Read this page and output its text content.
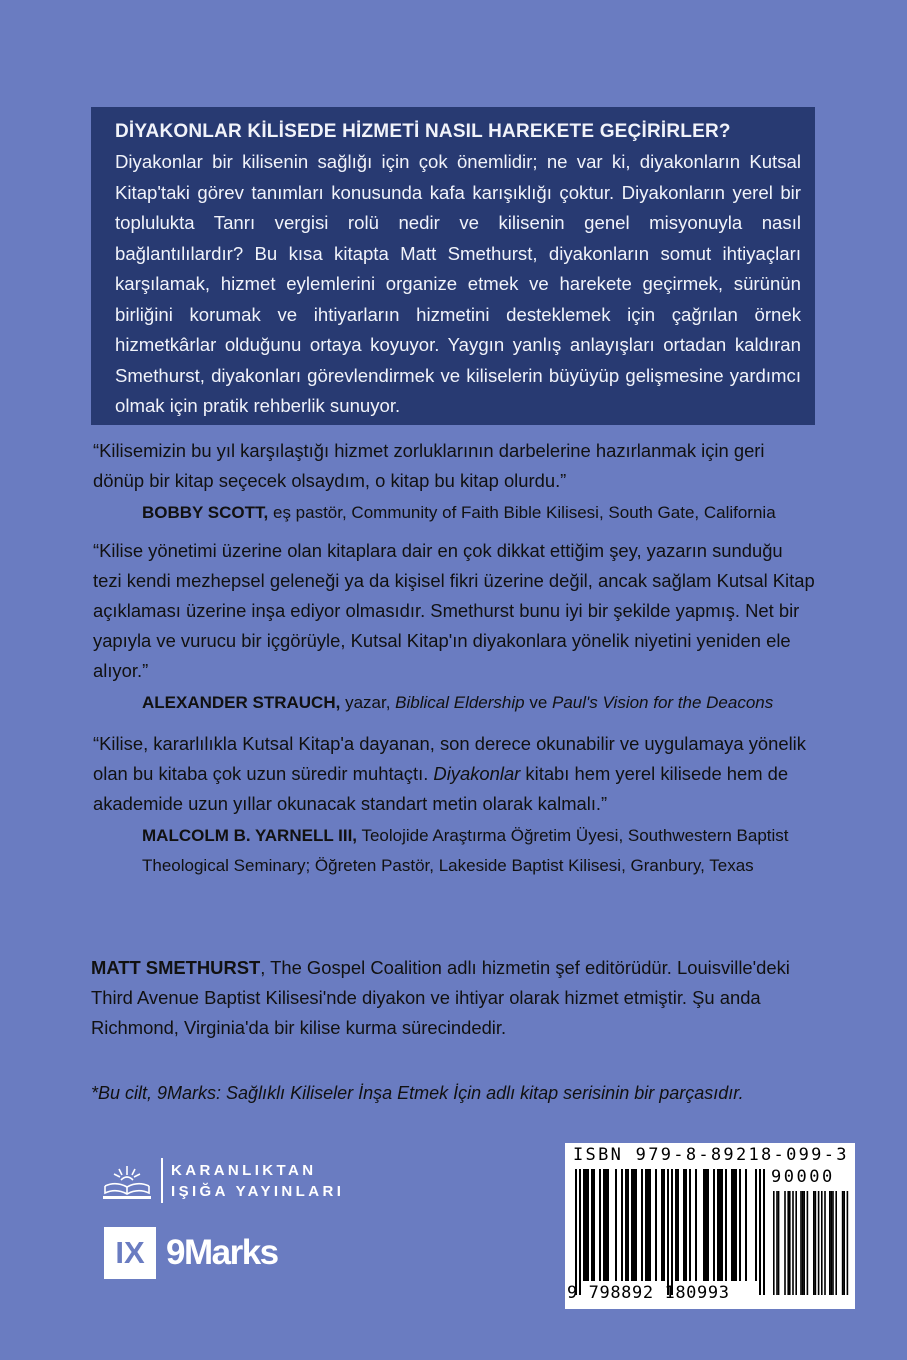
DİYAKONLAR KİLİSEDE HİZMETİ NASIL HAREKETE GEÇİRİRLER?

Diyakonlar bir kilisenin sağlığı için çok önemlidir; ne var ki, diyakonların Kutsal Kitap'taki görev tanımları konusunda kafa karışıklığı çoktur. Diyakonların yerel bir toplulukta Tanrı vergisi rolü nedir ve kilisenin genel misyonuyla nasıl bağlantılılardır? Bu kısa kitapta Matt Smethurst, diyakonların somut ihtiyaçları karşılamak, hizmet eylemlerini organize etmek ve harekete geçirmek, sürünün birliğini korumak ve ihtiyarların hizmetini desteklemek için çağrılan örnek hizmetkârlar olduğunu ortaya koyuyor. Yaygın yanlış anlayışları ortadan kaldıran Smethurst, diyakonları görevlendirmek ve kiliselerin büyüyüp gelişmesine yardımcı olmak için pratik rehberlik sunuyor.

“Kilisemizin bu yıl karşılaştığı hizmet zorluklarının darbelerine hazırlanmak için geri dönüp bir kitap seçecek olsaydım, o kitap bu kitap olurdu.”

BOBBY SCOTT, eş pastör, Community of Faith Bible Kilisesi, South Gate, California

“Kilise yönetimi üzerine olan kitaplara dair en çok dikkat ettiğim şey, yazarın sunduğu tezi kendi mezhepsel geleneği ya da kişisel fikri üzerine değil, ancak sağlam Kutsal Kitap açıklaması üzerine inşa ediyor olmasıdır. Smethurst bunu iyi bir şekilde yapmış. Net bir yapıyla ve vurucu bir içgörüyle, Kutsal Kitap'ın diyakonlara yönelik niyetini yeniden ele alıyor.”

ALEXANDER STRAUCH, yazar, Biblical Eldership ve Paul's Vision for the Deacons

“Kilise, kararlılıkla Kutsal Kitap'a dayanan, son derece okunabilir ve uygulamaya yönelik olan bu kitaba çok uzun süredir muhtaçtı. Diyakonlar kitabı hem yerel kilisede hem de akademide uzun yıllar okunacak standart metin olarak kalmalı.”

MALCOLM B. YARNELL III, Teolojide Araştırma Öğretim Üyesi, Southwestern Baptist Theological Seminary; Öğreten Pastör, Lakeside Baptist Kilisesi, Granbury, Texas
MATT SMETHURST, The Gospel Coalition adlı hizmetin şef editörüdür. Louisville'deki Third Avenue Baptist Kilisesi'nde diyakon ve ihtiyar olarak hizmet etmiştir. Şu anda Richmond, Virginia'da bir kilise kurma sürecindedir.
*Bu cilt, 9Marks: Sağlıklı Kiliseler İnşa Etmek İçin adlı kitap serisinin bir parçasıdır.
KARANLIKTAN
IŞIĞA YAYINLARI
IX 9Marks
ISBN 979-8-89218-099-3
90000
9 798892 180993
